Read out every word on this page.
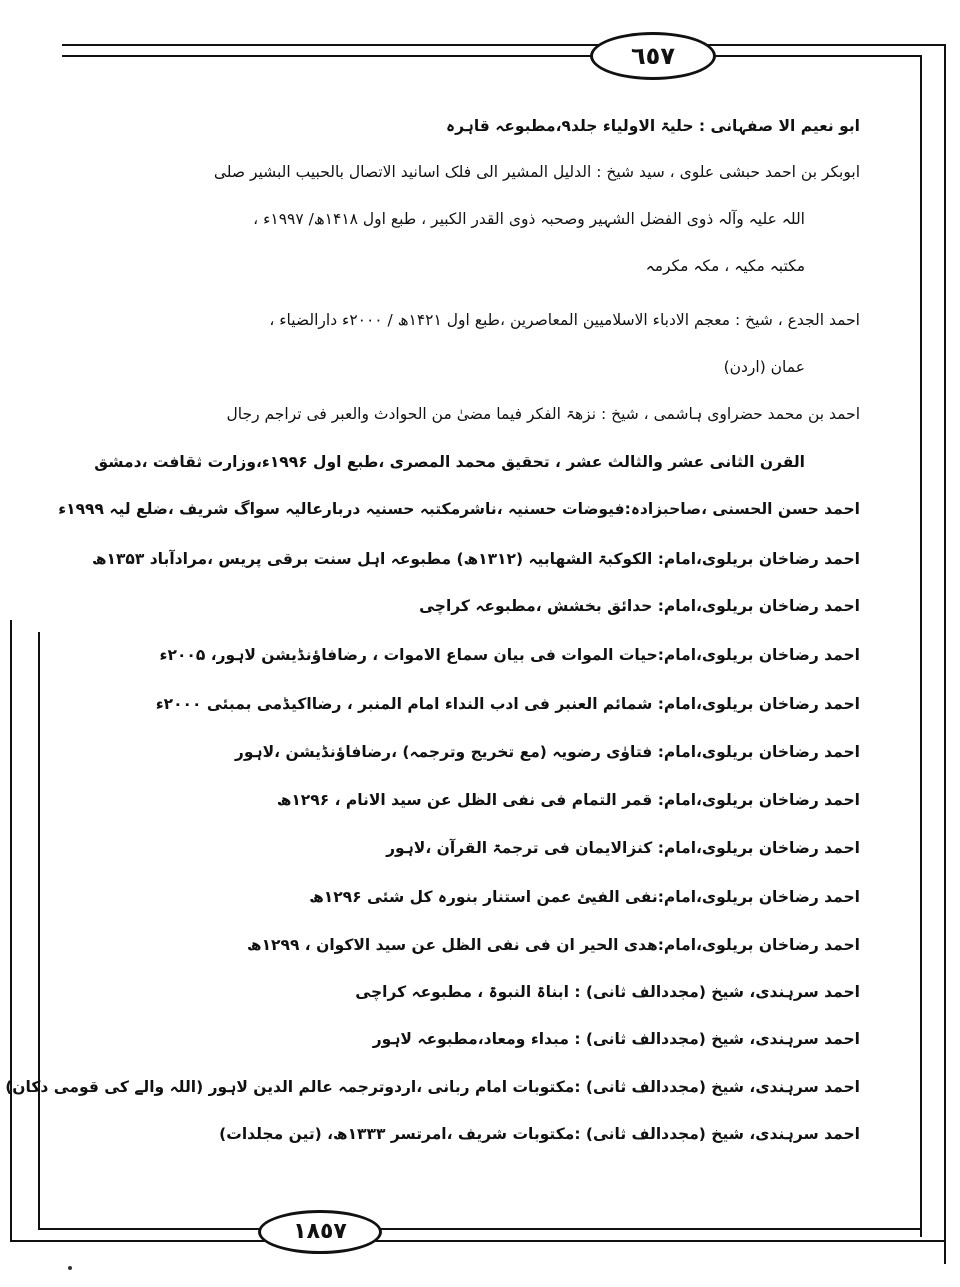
٦٥٧
١٨٥٧
ابو نعیم الا صفہانی : حلیۃ الاولیاء جلد۹،مطبوعہ قاہرہ
ابوبکر بن احمد حبشی علوی ، سید شیخ : الدلیل المشیر الی فلک اسانید الاتصال بالحبیب البشیر صلی
اللہ علیہ وآلہ ذوی الفضل الشہیر وصحبہ ذوی القدر الکبیر ، طبع اول ۱۴۱۸ھ/ ۱۹۹۷ء ،
مکتبہ مکیہ ، مکہ مکرمہ
احمد الجدع ، شیخ : معجم الادباء الاسلامیین المعاصرین ،طبع اول ۱۴۲۱ھ / ۲۰۰۰ء دارالضیاء ،
عمان (اردن)
احمد بن محمد حضراوی ہاشمی ، شیخ : نزھۃ الفکر فیما مضیٰ من الحوادث والعبر فی تراجم رجال
القرن الثانی عشر والثالث عشر ، تحقیق محمد المصری ،طبع اول ۱۹۹۶ء،وزارت ثقافت ،دمشق
احمد حسن الحسنی ،صاحبزادہ:فیوضات حسنیہ ،ناشرمکتبہ حسنیہ دربارعالیہ سواگ شریف ،ضلع لیہ ۱۹۹۹ء
احمد رضاخان بریلوی،امام: الکوکبۃ الشھابیہ (۱۳۱۲ھ) مطبوعہ اہل سنت برقی پریس ،مرادآباد ۱۳۵۳ھ
احمد رضاخان بریلوی،امام: حدائق بخشش ،مطبوعہ کراچی
احمد رضاخان بریلوی،امام:حیات الموات فی بیان سماع الاموات ، رضافاؤنڈیشن لاہور، ۲۰۰۵ء
احمد رضاخان بریلوی،امام: شمائم العنبر فی ادب النداء امام المنبر ، رضااکیڈمی بمبئی ۲۰۰۰ء
احمد رضاخان بریلوی،امام: فتاوٰی رضویہ (مع تخریج وترجمہ) ،رضافاؤنڈیشن ،لاہور
احمد رضاخان بریلوی،امام: قمر التمام فی نفی الظل عن سید الانام ، ۱۲۹۶ھ
احمد رضاخان بریلوی،امام: کنزالایمان فی ترجمۃ القرآن ،لاہور
احمد رضاخان بریلوی،امام:نفی الفیئ عمن استنار بنورہ کل شئی ۱۲۹۶ھ
احمد رضاخان بریلوی،امام:ھدی الحیر ان فی نفی الظل عن سید الاکوان ، ۱۲۹۹ھ
احمد سرہندی، شیخ (مجددالف ثانی) : ابناۃ النبوۃ ، مطبوعہ کراچی
احمد سرہندی، شیخ (مجددالف ثانی) : مبداء ومعاد،مطبوعہ لاہور
احمد سرہندی، شیخ (مجددالف ثانی) :مکتوبات امام ربانی ،اردوترجمہ عالم الدین لاہور (اللہ والے کی قومی دکان)
احمد سرہندی، شیخ (مجددالف ثانی) :مکتوبات شریف ،امرتسر ۱۳۳۳ھ، (تین مجلدات)
